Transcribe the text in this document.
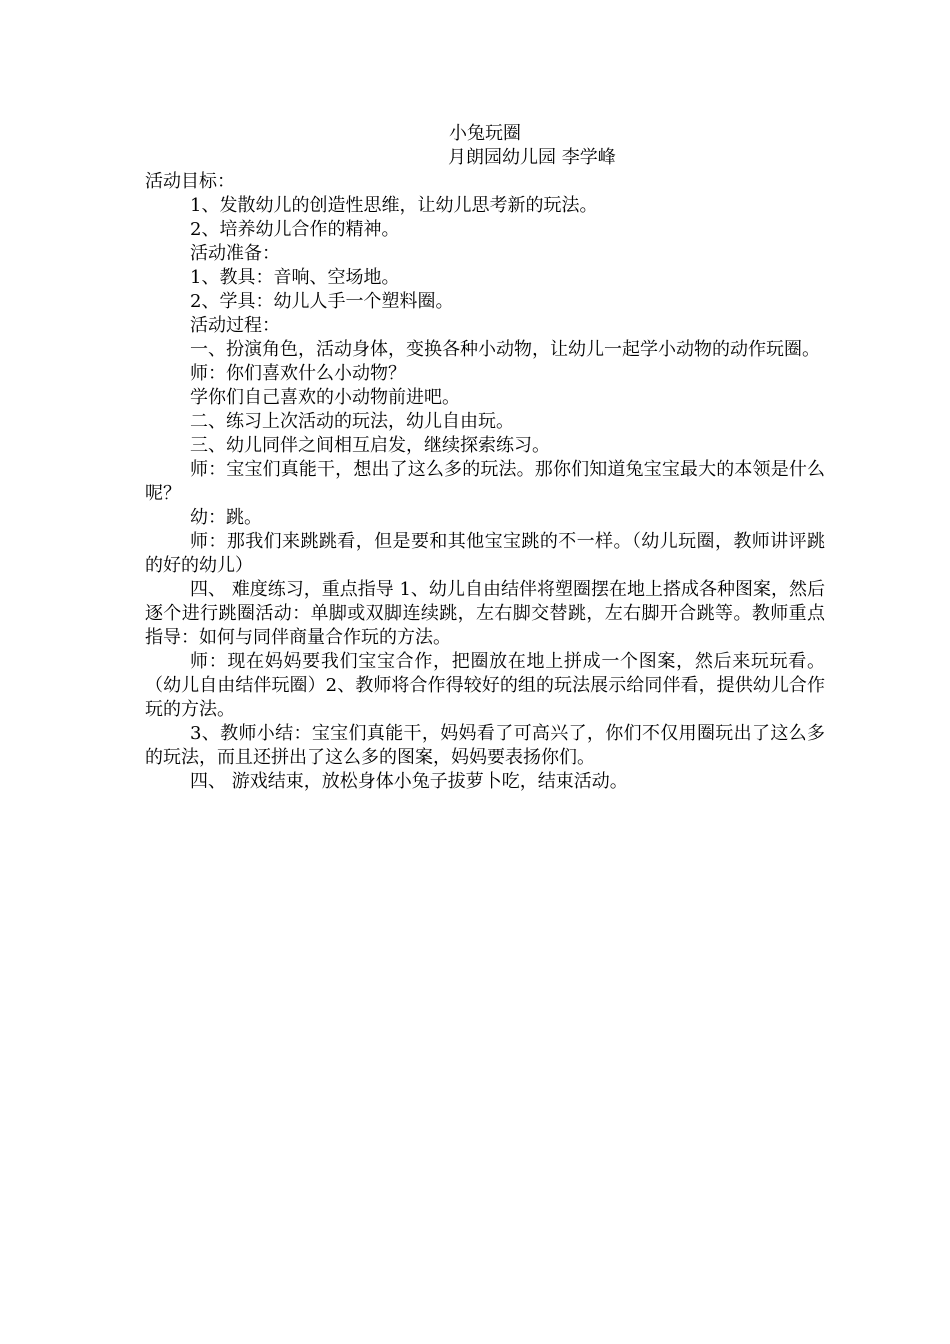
小兔玩圈

月朗园幼儿园 李学峰

活动目标：

1、发散幼儿的创造性思维，让幼儿思考新的玩法。

2、培养幼儿合作的精神。

活动准备：

1、教具：音响、空场地。

2、学具：幼儿人手一个塑料圈。

活动过程：

一、扮演角色，活动身体，变换各种小动物，让幼儿一起学小动物的动作玩圈。

师：你们喜欢什么小动物？

学你们自己喜欢的小动物前进吧。

二、练习上次活动的玩法，幼儿自由玩。

三、幼儿同伴之间相互启发，继续探索练习。

师：宝宝们真能干，想出了这么多的玩法。那你们知道兔宝宝最大的本领是什么呢？

幼：跳。

师：那我们来跳跳看，但是要和其他宝宝跳的不一样。（幼儿玩圈，教师讲评跳的好的幼儿）

四、 难度练习，重点指导 1、幼儿自由结伴将塑圈摆在地上搭成各种图案，然后逐个进行跳圈活动：单脚或双脚连续跳，左右脚交替跳，左右脚开合跳等。教师重点指导：如何与同伴商量合作玩的方法。

师：现在妈妈要我们宝宝合作，把圈放在地上拼成一个图案，然后来玩玩看。（幼儿自由结伴玩圈）2、教师将合作得较好的组的玩法展示给同伴看，提供幼儿合作玩的方法。

3、教师小结：宝宝们真能干，妈妈看了可高兴了，你们不仅用圈玩出了这么多的玩法，而且还拼出了这么多的图案，妈妈要表扬你们。

四、 游戏结束，放松身体小兔子拔萝卜吃，结束活动。
